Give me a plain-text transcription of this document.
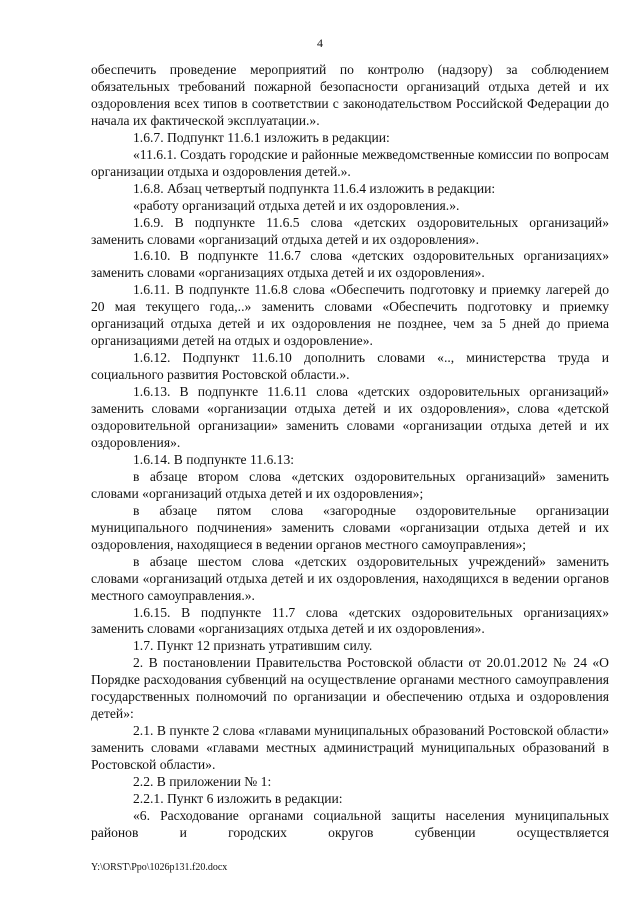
4

обеспечить проведение мероприятий по контролю (надзору) за соблюдением обязательных требований пожарной безопасности организаций отдыха детей и их оздоровления всех типов в соответствии с законодательством Российской Федерации до начала их фактической эксплуатации.».

1.6.7. Подпункт 11.6.1 изложить в редакции:

«11.6.1. Создать городские и районные межведомственные комиссии по вопросам организации отдыха и оздоровления детей.».

1.6.8. Абзац четвертый подпункта 11.6.4 изложить в редакции:

«работу организаций отдыха детей и их оздоровления.».

1.6.9. В подпункте 11.6.5 слова «детских оздоровительных организаций» заменить словами «организаций отдыха детей и их оздоровления».

1.6.10. В подпункте 11.6.7 слова «детских оздоровительных организациях» заменить словами «организациях отдыха детей и их оздоровления».

1.6.11. В подпункте 11.6.8 слова «Обеспечить подготовку и приемку лагерей до 20 мая текущего года,..» заменить словами «Обеспечить подготовку и приемку организаций отдыха детей и их оздоровления не позднее, чем за 5 дней до приема организациями детей на отдых и оздоровление».

1.6.12. Подпункт 11.6.10 дополнить словами «.., министерства труда и социального развития Ростовской области.».

1.6.13. В подпункте 11.6.11 слова «детских оздоровительных организаций» заменить словами «организации отдыха детей и их оздоровления», слова «детской оздоровительной организации» заменить словами «организации отдыха детей и их оздоровления».

1.6.14. В подпункте 11.6.13:

в абзаце втором слова «детских оздоровительных организаций» заменить словами «организаций отдыха детей и их оздоровления»;

в абзаце пятом слова «загородные оздоровительные организации муниципального подчинения» заменить словами «организации отдыха детей и их оздоровления, находящиеся в ведении органов местного самоуправления»;

в абзаце шестом слова «детских оздоровительных учреждений» заменить словами «организаций отдыха детей и их оздоровления, находящихся в ведении органов местного самоуправления.».

1.6.15. В подпункте 11.7 слова «детских оздоровительных организациях» заменить словами «организациях отдыха детей и их оздоровления».

1.7. Пункт 12 признать утратившим силу.

2. В постановлении Правительства Ростовской области от 20.01.2012 № 24 «О Порядке расходования субвенций на осуществление органами местного самоуправления государственных полномочий по организации и обеспечению отдыха и оздоровления детей»:

2.1. В пункте 2 слова «главами муниципальных образований Ростовской области» заменить словами «главами местных администраций муниципальных образований в Ростовской области».

2.2. В приложении № 1:

2.2.1. Пункт 6 изложить в редакции:

«6. Расходование органами социальной защиты населения муниципальных районов и городских округов субвенции осуществляется

Y:\ORST\Ppo\1026p131.f20.docx
